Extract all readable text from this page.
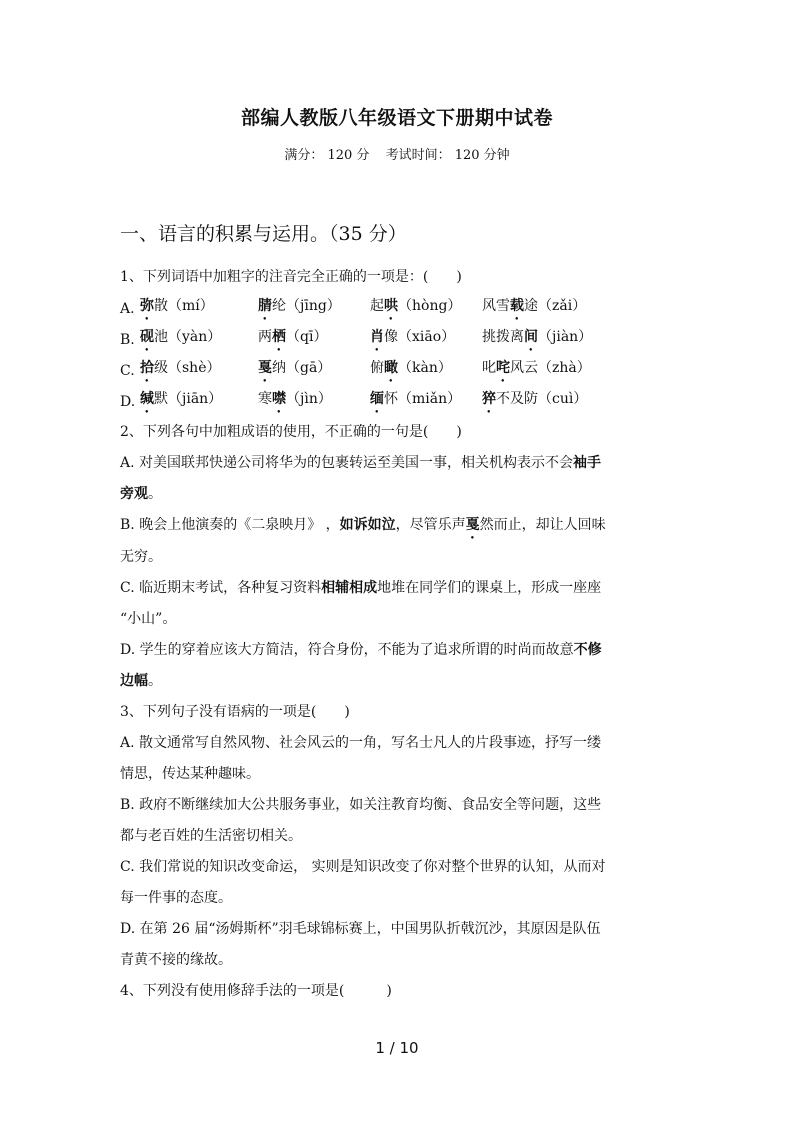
部编人教版八年级语文下册期中试卷
满分： 120 分 考试时间： 120 分钟
一、语言的积累与运用。（35 分）
1、下列词语中加粗字的注音完全正确的一项是：(　　)
A. 弥散（mí）	腈纶（jīng）	起哄（hòng）	风雪载途（zǎi）
B. 砚池（yàn）	两栖（qī）	肖像（xiāo）	挑拨离间（jiàn）
C. 拾级（shè）	戛纳（gā）	俯瞰（kàn）	叱咤风云（zhà）
D. 缄默（jiān）	寒噤（jìn）	缅怀（miǎn）	猝不及防（cuì）
2、下列各句中加粗成语的使用，不正确的一句是(　　)
A. 对美国联邦快递公司将华为的包裹转运至美国一事，相关机构表示不会袖手
旁观。
B. 晚会上他演奏的《二泉映月》 ，如诉如泣，尽管乐声戛然而止，却让人回味
无穷。
C. 临近期末考试，各种复习资料相辅相成地堆在同学们的课桌上，形成一座座
“小山”。
D. 学生的穿着应该大方简洁，符合身份，不能为了追求所谓的时尚而故意不修
边幅。
3、下列句子没有语病的一项是(　　)
A. 散文通常写自然风物、社会风云的一角，写名士凡人的片段事迹，抒写一缕
情思，传达某种趣味。
B. 政府不断继续加大公共服务事业，如关注教育均衡、食品安全等问题，这些
都与老百姓的生活密切相关。
C. 我们常说的知识改变命运， 实则是知识改变了你对整个世界的认知，从而对
每一件事的态度。
D. 在第 26 届“汤姆斯杯”羽毛球锦标赛上，中国男队折戟沉沙，其原因是队伍
青黄不接的缘故。
4、下列没有使用修辞手法的一项是(　　　)
1 / 10
